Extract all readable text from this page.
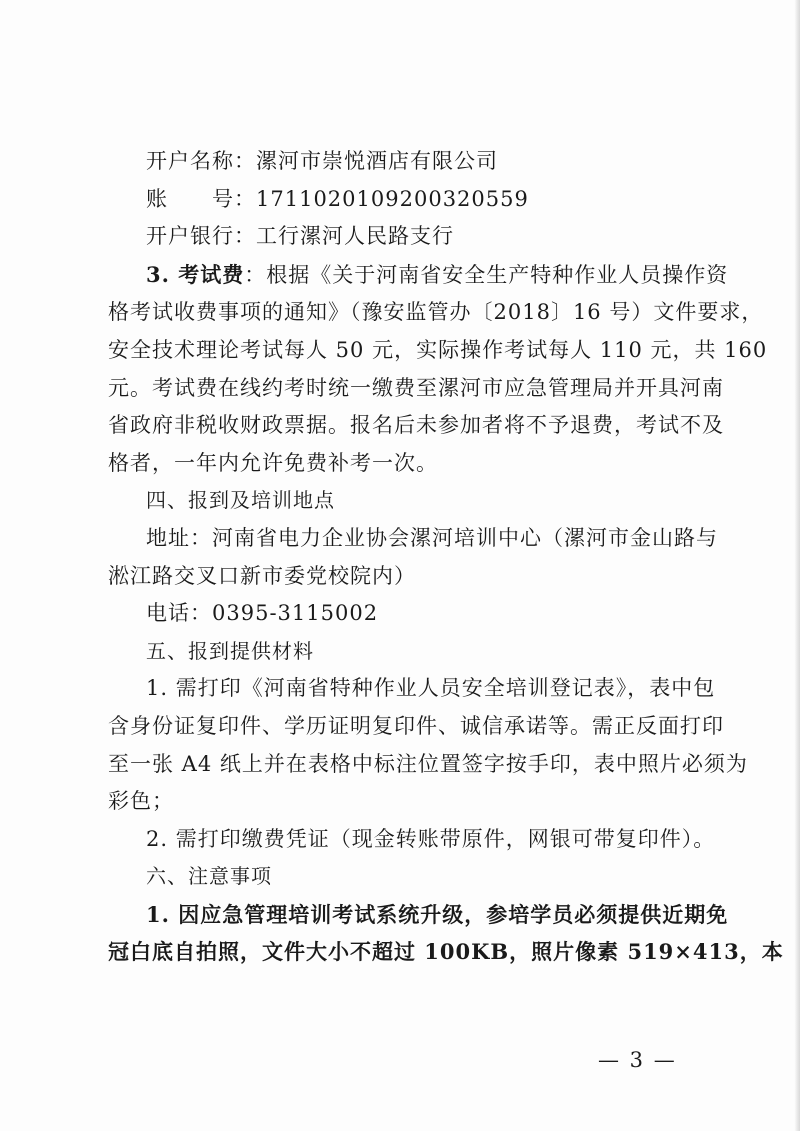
开户名称：漯河市崇悦酒店有限公司
账　　号：1711020109200320559
开户银行：工行漯河人民路支行
3. 考试费：根据《关于河南省安全生产特种作业人员操作资
格考试收费事项的通知》（豫安监管办〔2018〕16 号）文件要求，
安全技术理论考试每人 50 元，实际操作考试每人 110 元，共 160
元。考试费在线约考时统一缴费至漯河市应急管理局并开具河南
省政府非税收财政票据。报名后未参加者将不予退费，考试不及
格者，一年内允许免费补考一次。
四、报到及培训地点
地址：河南省电力企业协会漯河培训中心（漯河市金山路与
淞江路交叉口新市委党校院内）
电话：0395-3115002
五、报到提供材料
1. 需打印《河南省特种作业人员安全培训登记表》，表中包
含身份证复印件、学历证明复印件、诚信承诺等。需正反面打印
至一张 A4 纸上并在表格中标注位置签字按手印，表中照片必须为
彩色；
2. 需打印缴费凭证（现金转账带原件，网银可带复印件）。
六、注意事项
1. 因应急管理培训考试系统升级，参培学员必须提供近期免
冠白底自拍照，文件大小不超过 100KB，照片像素 519×413，本
— 3 —
